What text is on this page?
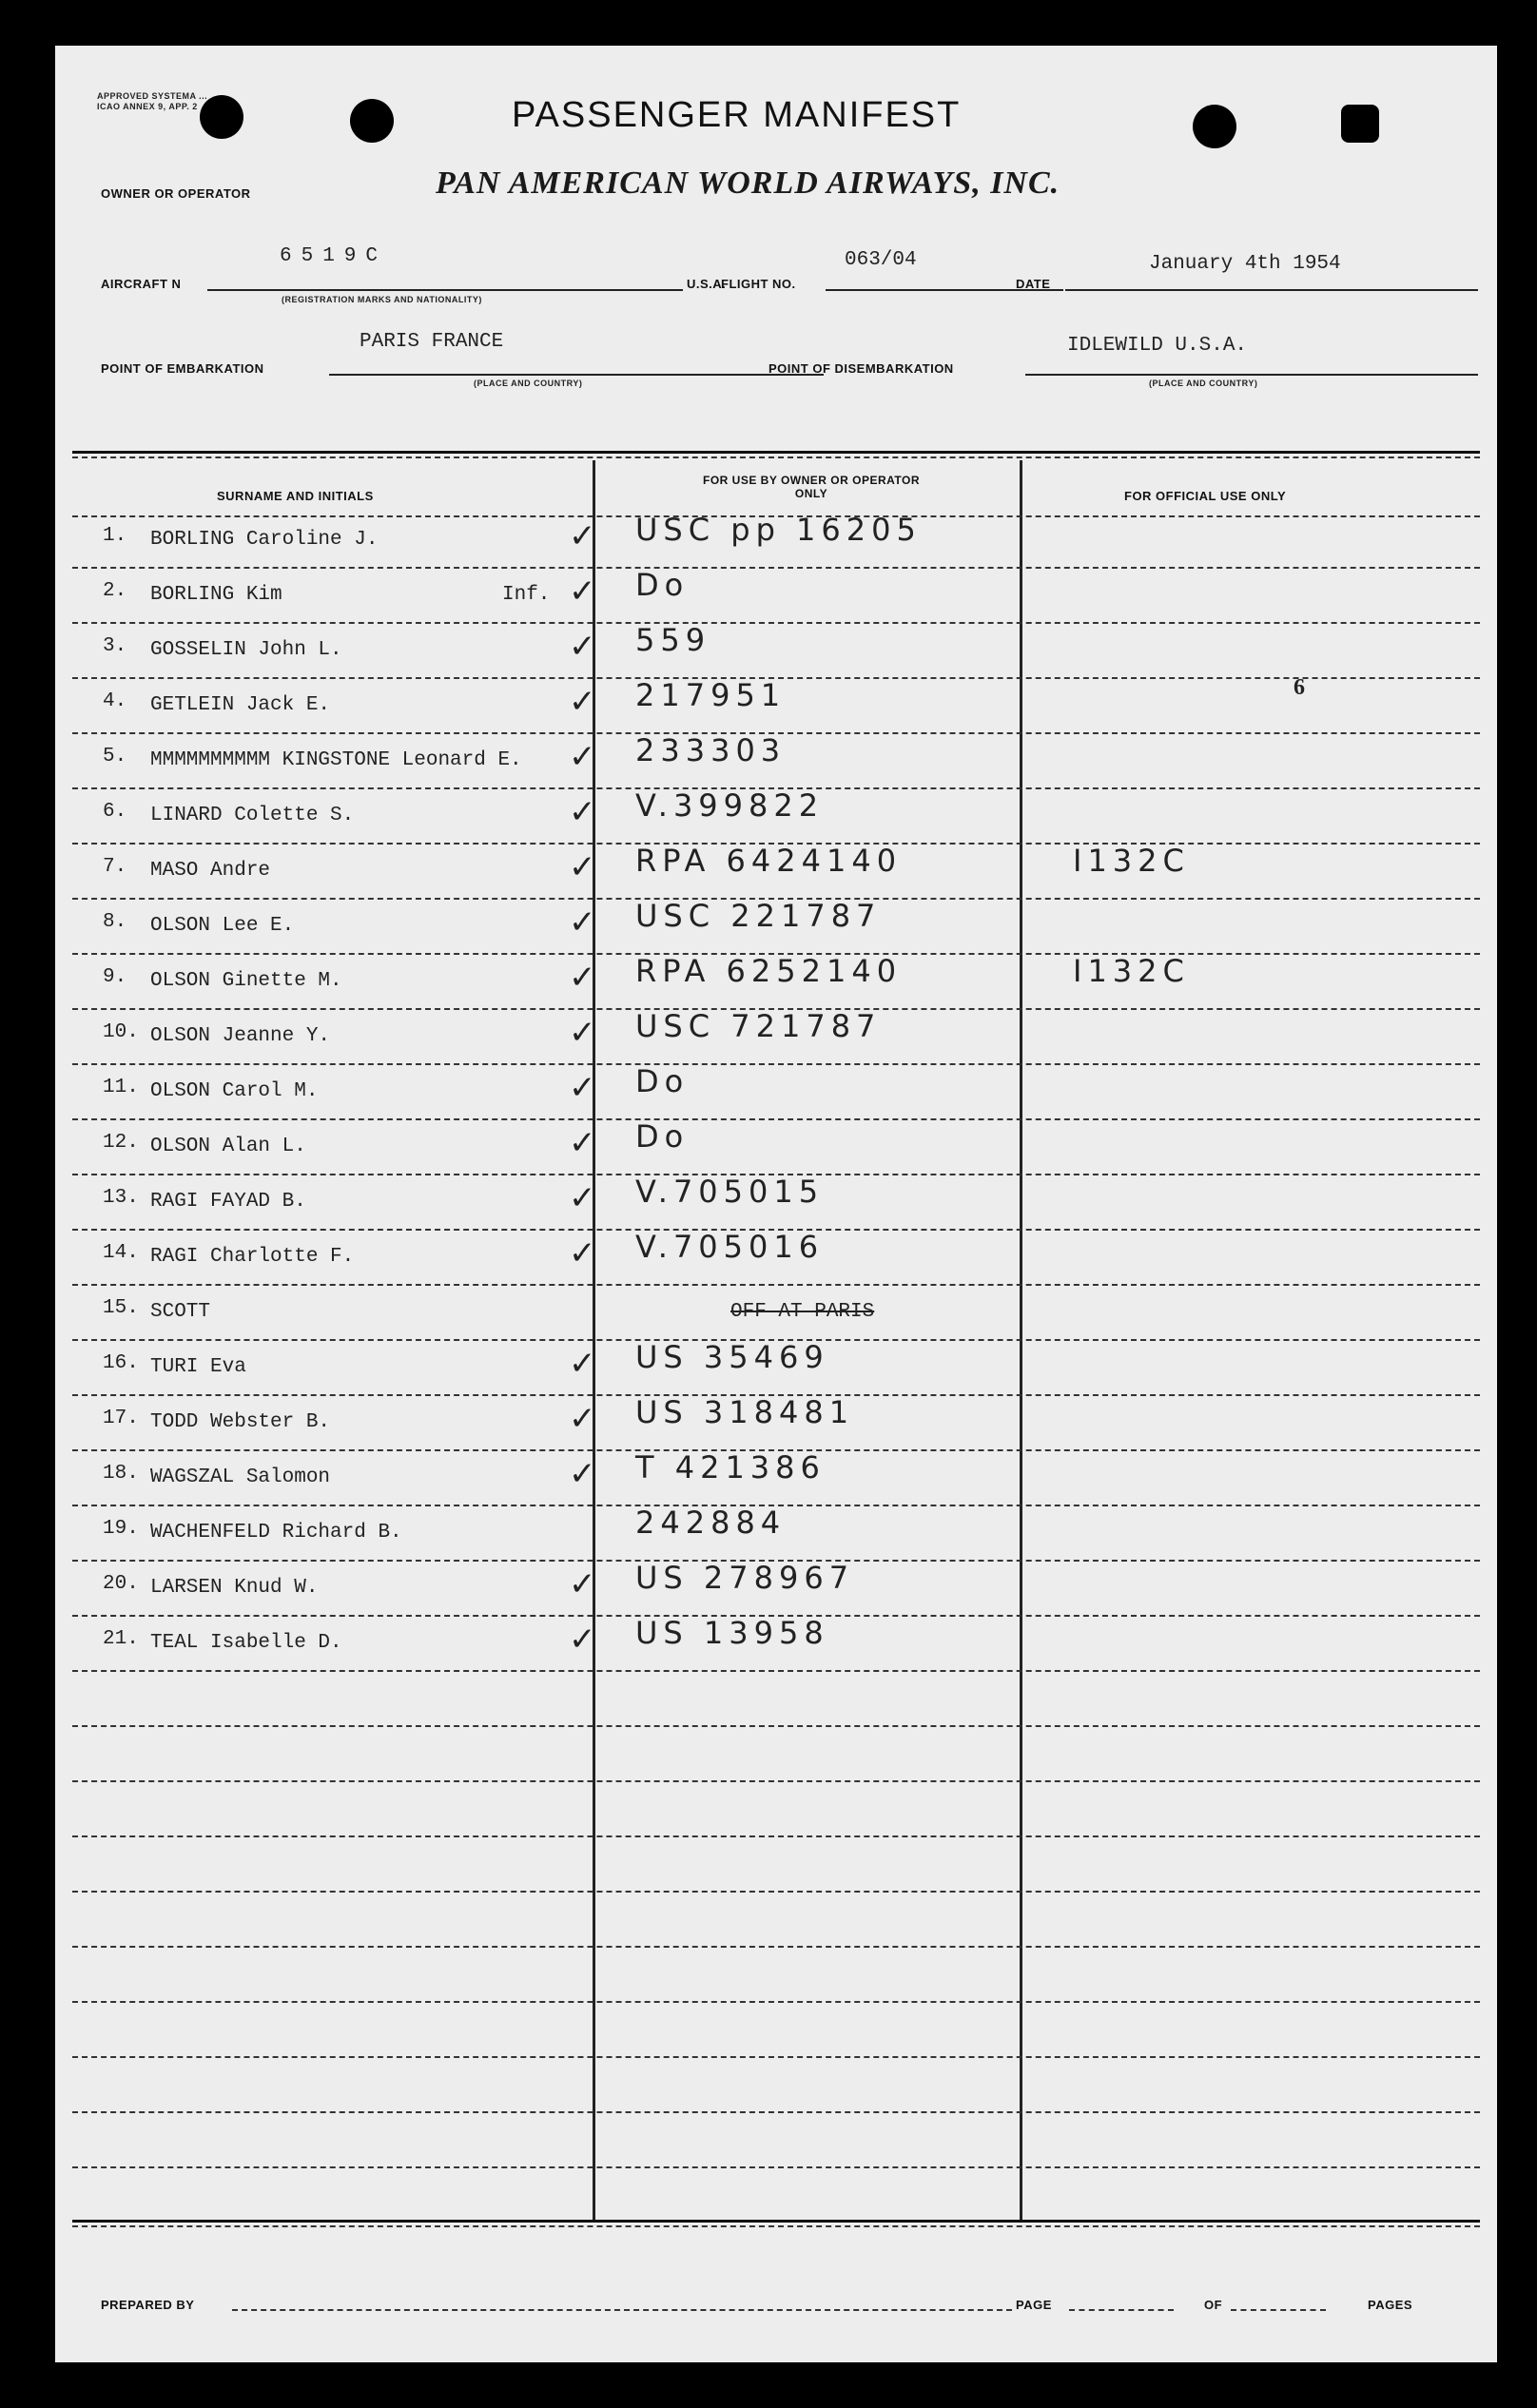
APPROVED SYSTEMA ... ICAO ANNEX 9, APP. 2	PASSENGER MANIFEST
OWNER OR OPERATOR	PAN AMERICAN WORLD AIRWAYS, INC.
AIRCRAFT N
6519C
(REGISTRATION MARKS AND NATIONALITY)
U.S.A.
FLIGHT NO.
063/04
DATE
January 4th 1954
PARIS FRANCE
POINT OF EMBARKATION
(PLACE AND COUNTRY)
POINT OF DISEMBARKATION
IDLEWILD U.S.A.
(PLACE AND COUNTRY)
SURNAME AND INITIALS
FOR USE BY OWNER OR OPERATOR ONLY	FOR OFFICIAL USE ONLY
6
1. BORLING Caroline J.	✓ USC pp 16205
2. BORLING Kim	Inf. ✓ Do
3. GOSSELIN John L.	✓ 559
4. GETLEIN Jack E.	✓ 217951
5. MMMMMMMMMM KINGSTONE Leonard E. ✓ 233303
6. LINARD Colette S.	✓ V.399822
7. MASO Andre	✓ RPA 6424140	I132C
8. OLSON Lee E.	✓ USC 221787
9. OLSON Ginette M.	✓ RPA 6252140	I132C
10. OLSON Jeanne Y.	✓ USC 721787
11. OLSON Carol M.	✓ Do
12. OLSON Alan L.	✓ Do
13. RAGI FAYAD B.	✓ V.705015
14. RAGI Charlotte F.	✓ V.705016
15. SCOTT	OFF AT PARIS
16. TURI Eva	✓ US 35469
17. TODD Webster B.	✓ US 318481
18. WAGSZAL Salomon	✓ T 421386
19. WACHENFELD Richard B.	242884
20. LARSEN Knud W.	✓ US 278967
21. TEAL Isabelle D.	✓ US 13958
PREPARED BY	PAGE	OF	PAGES
